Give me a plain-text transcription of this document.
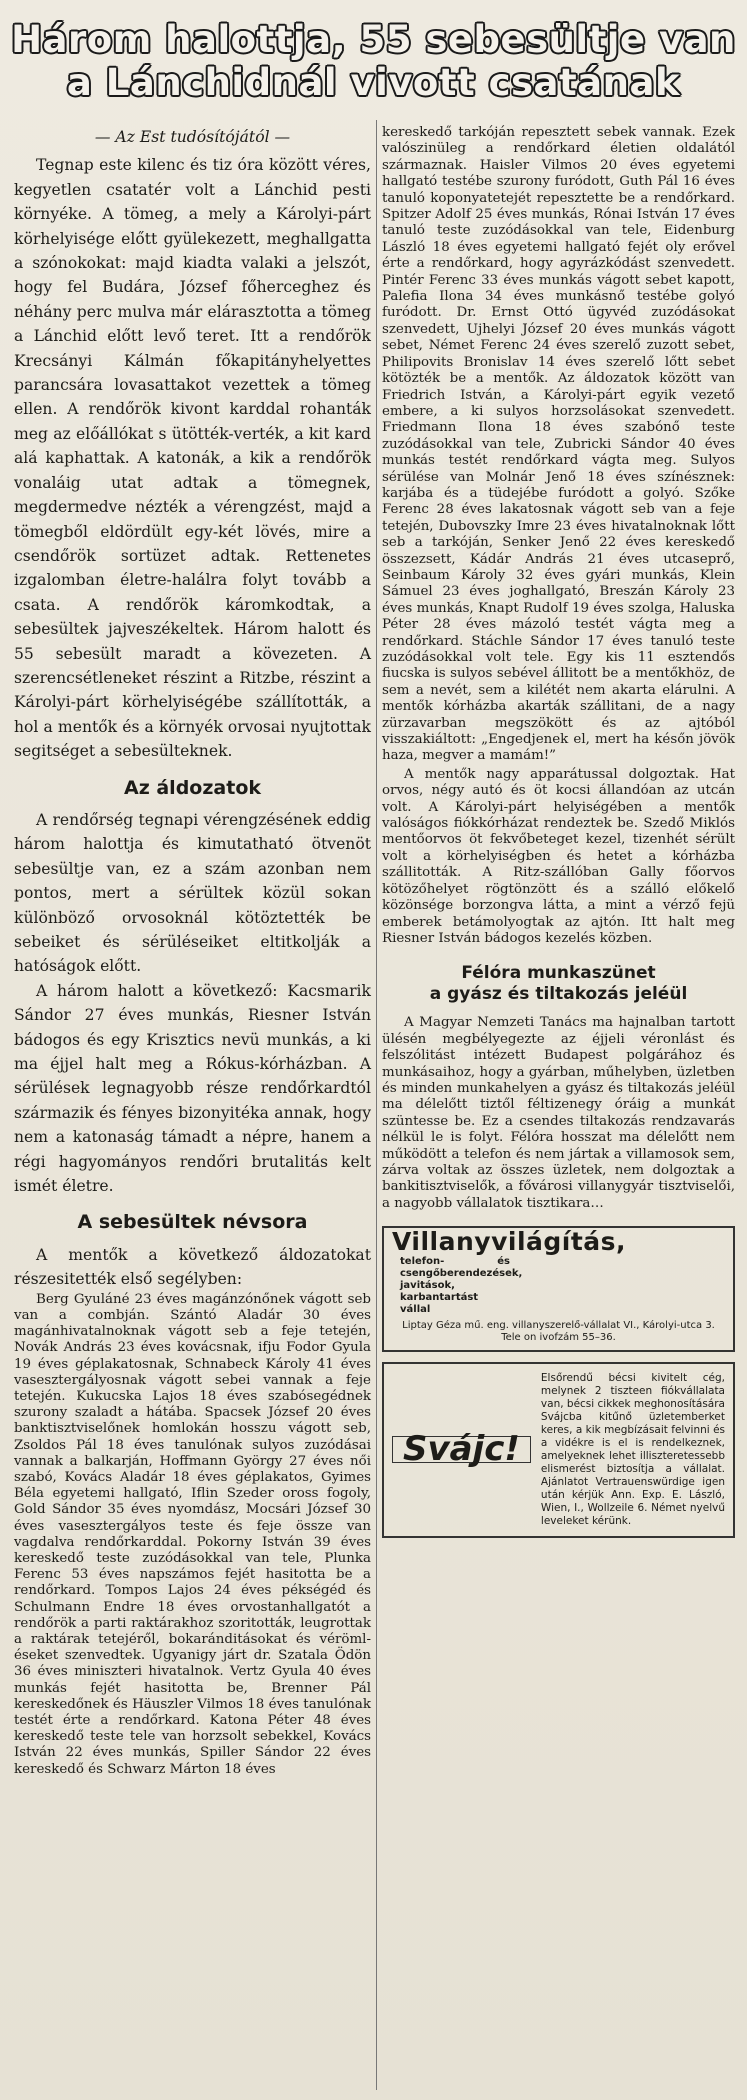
Három halottja, 55 sebesültje van
a Lánchidnál vivott csatának

— Az Est tudósítójától —

Tegnap este kilenc és tiz óra között véres, kegyetlen csatatér volt a Lánchid pesti környéke. A tömeg, a mely a Károlyi-párt körhelyisége előtt gyülekezett, meghallgatta a szónokokat: majd kiadta valaki a jelszót, hogy fel Budára, József főherceghez és néhány perc mulva már elárasztotta a tömeg a Lánchid előtt levő teret. Itt a rendőrök Krecsányi Kálmán főkapitányhelyettes parancsára lovasattakot vezettek a tömeg ellen. A rendőrök kivont karddal rohanták meg az előállókat s ütötték-verték, a kit kard alá kaphattak. A katonák, a kik a rendőrök vonaláig utat adtak a tömegnek, megdermedve nézték a vérengzést, majd a tömegből eldördült egy-két lövés, mire a csendőrök sortüzet adtak. Rettenetes izgalomban életre-halálra folyt tovább a csata. A rendőrök káromkodtak, a sebesültek jajveszékeltek. Három halott és 55 sebesült maradt a kövezeten. A szerencsétleneket részint a Ritzbe, részint a Károlyi-párt körhelyiségébe szállították, a hol a mentők és a környék orvosai nyujtottak segitséget a sebesülteknek.

Az áldozatok

A rendőrség tegnapi vérengzésének eddig három halottja és kimutatható ötvenöt sebesültje van, ez a szám azonban nem pontos, mert a sérültek közül sokan különböző orvosoknál kötöztették be sebeiket és sérüléseiket eltitkolják a hatóságok előtt.

A három halott a következő: Kacsmarik Sándor 27 éves munkás, Riesner István bádogos és egy Krisztics nevü munkás, a ki ma éjjel halt meg a Rókus-kórházban. A sérülések legnagyobb része rendőrkardtól származik és fényes bizonyitéka annak, hogy nem a katonaság támadt a népre, hanem a régi hagyományos rendőri brutalitás kelt ismét életre.

A sebesültek névsora

A mentők a következő áldozatokat részesitették első segélyben:

Berg Gyuláné 23 éves magánzónőnek vágott seb van a combján. Szántó Aladár 30 éves magánhivatalnoknak vágott seb a feje tetején, Novák András 23 éves kovácsnak, ifju Fodor Gyula 19 éves géplakatosnak, Schnabeck Károly 41 éves vasesztergályosnak vágott sebei vannak a feje tetején. Kukucska Lajos 18 éves szabósegédnek szurony szaladt a hátába. Spacsek József 20 éves banktisztviselőnek homlokán hosszu vágott seb, Zsoldos Pál 18 éves tanulónak sulyos zuzódásai vannak a balkarján, Hoffmann György 27 éves női szabó, Kovács Aladár 18 éves géplakatos, Gyimes Béla egyetemi hallgató, Iflin Szeder oross fogoly, Gold Sándor 35 éves nyomdász, Mocsári József 30 éves vasesztergályos teste és feje össze van vagdalva rendőrkarddal. Pokorny István 39 éves kereskedő teste zuzódásokkal van tele, Plunka Ferenc 53 éves napszámos fejét hasitotta be a rendőrkard. Tompos Lajos 24 éves pékségéd és Schulmann Endre 18 éves orvostanhallgatót a rendőrök a parti raktárakhoz szoritották, leugrottak a raktárak tetejéről, bokaránditásokat és vérömléseket szenvedtek. Ugyanigy járt dr. Szatala Ödön 36 éves miniszteri hivatalnok. Vertz Gyula 40 éves munkás fejét hasitotta be, Brenner Pál kereskedőnek és Häuszler Vilmos 18 éves tanulónak testét érte a rendőrkard. Katona Péter 48 éves kereskedő teste tele van horzsolt sebekkel, Kovács István 22 éves munkás, Spiller Sándor 22 éves kereskedő és Schwarz Márton 18 éves

kereskedő tarkóján repesztett sebek vannak. Ezek valószinüleg a rendőrkard életien oldalától származnak. Haisler Vilmos 20 éves egyetemi hallgató testébe szurony furódott, Guth Pál 16 éves tanuló koponyatetejét repesztette be a rendőrkard. Spitzer Adolf 25 éves munkás, Rónai István 17 éves tanuló teste zuzódásokkal van tele, Eidenburg László 18 éves egyetemi hallgató fejét oly erővel érte a rendőrkard, hogy agyrázkódást szenvedett. Pintér Ferenc 33 éves munkás vágott sebet kapott, Palefia Ilona 34 éves munkásnő testébe golyó furódott. Dr. Ernst Ottó ügyvéd zuzódásokat szenvedett, Ujhelyi József 20 éves munkás vágott sebet, Német Ferenc 24 éves szerelő zuzott sebet, Philipovits Bronislav 14 éves szerelő lőtt sebet kötözték be a mentők. Az áldozatok között van Friedrich István, a Károlyi-párt egyik vezető embere, a ki sulyos horzsolásokat szenvedett. Friedmann Ilona 18 éves szabónő teste zuzódásokkal van tele, Zubricki Sándor 40 éves munkás testét rendőrkard vágta meg. Sulyos sérülése van Molnár Jenő 18 éves színésznek: karjába és a tüdejébe furódott a golyó. Szőke Ferenc 28 éves lakatosnak vágott seb van a feje tetején, Dubovszky Imre 23 éves hivatalnoknak lőtt seb a tarkóján, Senker Jenő 22 éves kereskedő összezsett, Kádár András 21 éves utcaseprő, Seinbaum Károly 32 éves gyári munkás, Klein Sámuel 23 éves joghallgató, Breszán Károly 23 éves munkás, Knapt Rudolf 19 éves szolga, Haluska Péter 28 éves mázoló testét vágta meg a rendőrkard. Stáchle Sándor 17 éves tanuló teste zuzódásokkal volt tele. Egy kis 11 esztendős fiucska is sulyos sebével állitott be a mentőkhöz, de sem a nevét, sem a kilétét nem akarta elárulni. A mentők kórházba akarták szállitani, de a nagy zürzavarban megszökött és az ajtóból visszakiáltott: „Engedjenek el, mert ha későn jövök haza, megver a mamám!”

A mentők nagy apparátussal dolgoztak. Hat orvos, négy autó és öt kocsi állandóan az utcán volt. A Károlyi-párt helyiségében a mentők valóságos fiókkórházat rendeztek be. Szedő Miklós mentőorvos öt fekvőbeteget kezel, tizenhét sérült volt a körhelyiségben és hetet a kórházba szállitották. A Ritz-szállóban Gally főorvos kötözőhelyet rögtönzött és a szálló előkelő közönsége borzongva látta, a mint a vérző fejü emberek betámolyogtak az ajtón. Itt halt meg Riesner István bádogos kezelés közben.

Félóra munkaszünet
a gyász és tiltakozás jeléül

A Magyar Nemzeti Tanács ma hajnalban tartott ülésén megbélyegezte az éjjeli véronlást és felszólitást intézett Budapest polgárához és munkásaihoz, hogy a gyárban, műhelyben, üzletben és minden munkahelyen a gyász és tiltakozás jeléül ma délelőtt tiztől féltizenegy óráig a munkát szüntesse be. Ez a csendes tiltakozás rendzavarás nélkül le is folyt. Félóra hosszat ma délelőtt nem működött a telefon és nem jártak a villamosok sem, zárva voltak az összes üzletek, nem dolgoztak a bankitisztviselők, a fővárosi villanygyár tisztviselői, a nagyobb vállalatok tisztikara…

Villanyvilágítás, telefon- és csengőberendezések, javitások, karbantartást vállal
Liptay Géza mű. eng. villanyszerelő-vállalat VI., Károlyi-utca 3. Tele on ivofzám 55–36.
Svájc!
Elsőrendű bécsi kivitelt cég, melynek 2 tiszteen fiókvállalata van, bécsi cikkek meghonosítására Svájcba kitűnő üzletemberket keres, a kik megbízásait felvinni és a vidékre is el is rendelkeznek, amelyeknek lehet illiszteretessebb elismerést biztosítja a vállalat. Ajánlatot Vertrauenswürdige igen után kérjük Ann. Exp. E. László, Wien, I., Wollzeile 6. Német nyelvű leveleket kérünk.
